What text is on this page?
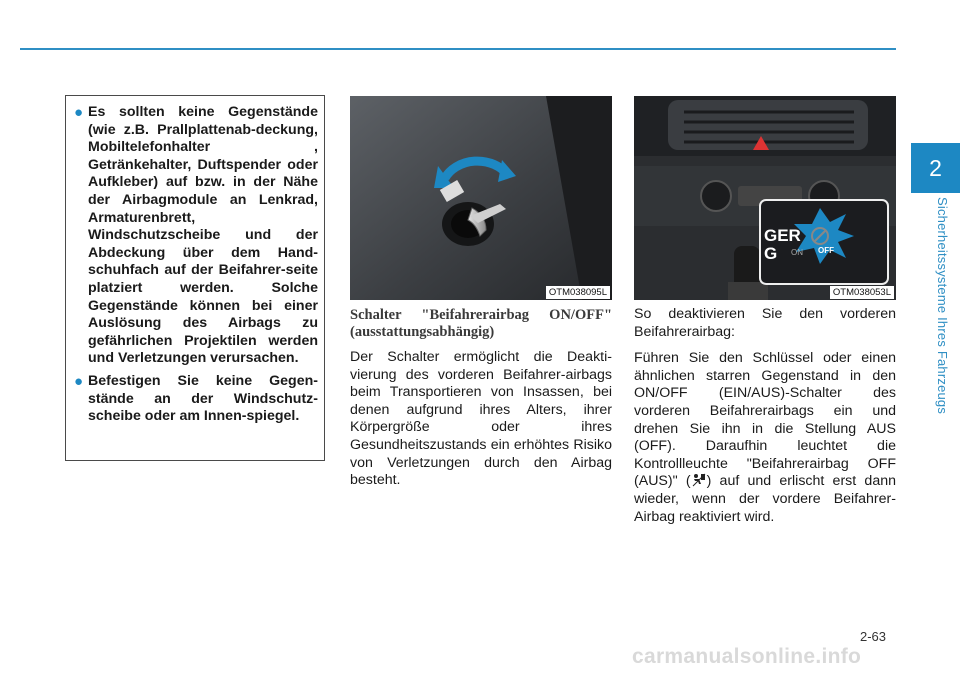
2
Sicherheitssysteme Ihres Fahrzeugs
● Es sollten keine Gegenstände (wie z.B. Prallplattenab-deckung, Mobiltelefonhalter , Getränkehalter, Duftspender oder Aufkleber) auf bzw. in der Nähe der Airbagmodule an Lenkrad, Armaturenbrett, Windschutzscheibe und der Abdeckung über dem Hand-schuhfach auf der Beifahrer-seite platziert werden. Solche Gegenstände können bei einer Auslösung des Airbags zu gefährlichen Projektilen werden und Verletzungen verursachen.
● Befestigen Sie keine Gegen-stände an der Windschutz-scheibe oder am Innen-spiegel.
OTM038095L
GER
G ON OFF
OTM038053L
Schalter "Beifahrerairbag ON/OFF" (ausstattungsabhängig)

Der Schalter ermöglicht die Deakti-vierung des vorderen Beifahrer-airbags beim Transportieren von Insassen, bei denen aufgrund ihres Alters, ihrer Körpergröße oder ihres Gesundheitszustands ein erhöhtes Risiko von Verletzungen durch den Airbag besteht.

So deaktivieren Sie den vorderen Beifahrerairbag:

Führen Sie den Schlüssel oder einen ähnlichen starren Gegenstand in den ON/OFF (EIN/AUS)-Schalter des vorderen Beifahrerairbags ein und drehen Sie ihn in die Stellung AUS (OFF). Daraufhin leuchtet die Kontrollleuchte "Beifahrerairbag OFF (AUS)" ( ) auf und erlischt erst dann wieder, wenn der vordere Beifahrer-Airbag reaktiviert wird.

2-63
carmanualsonline.info
